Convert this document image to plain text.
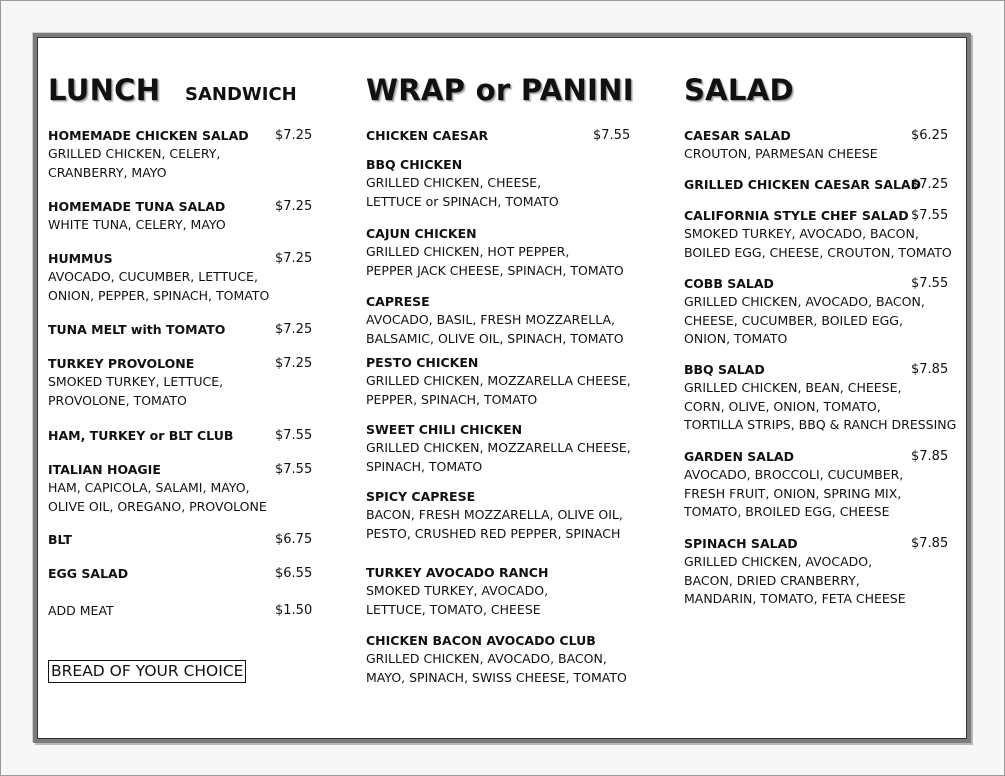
LUNCH SANDWICH
HOMEMADE CHICKEN SALAD	$7.25
GRILLED CHICKEN, CELERY,
CRANBERRY, MAYO
HOMEMADE TUNA SALAD	$7.25
WHITE TUNA, CELERY, MAYO
HUMMUS	$7.25
AVOCADO, CUCUMBER, LETTUCE,
ONION, PEPPER, SPINACH, TOMATO
TUNA MELT with TOMATO	$7.25
TURKEY PROVOLONE	$7.25
SMOKED TURKEY, LETTUCE,
PROVOLONE, TOMATO
HAM, TURKEY or BLT CLUB	$7.55
ITALIAN HOAGIE	$7.55
HAM, CAPICOLA, SALAMI, MAYO,
OLIVE OIL, OREGANO, PROVOLONE
BLT	$6.75
EGG SALAD	$6.55
ADD MEAT	$1.50
BREAD OF YOUR CHOICE
WRAP or PANINI
CHICKEN CAESAR	$7.55
BBQ CHICKEN
GRILLED CHICKEN, CHEESE,
LETTUCE or SPINACH, TOMATO
CAJUN CHICKEN
GRILLED CHICKEN, HOT PEPPER,
PEPPER JACK CHEESE, SPINACH, TOMATO
CAPRESE
AVOCADO, BASIL, FRESH MOZZARELLA,
BALSAMIC, OLIVE OIL, SPINACH, TOMATO
PESTO CHICKEN
GRILLED CHICKEN, MOZZARELLA CHEESE,
PEPPER, SPINACH, TOMATO
SWEET CHILI CHICKEN
GRILLED CHICKEN, MOZZARELLA CHEESE,
SPINACH, TOMATO
SPICY CAPRESE
BACON, FRESH MOZZARELLA, OLIVE OIL,
PESTO, CRUSHED RED PEPPER, SPINACH
TURKEY AVOCADO RANCH
SMOKED TURKEY, AVOCADO,
LETTUCE, TOMATO, CHEESE
CHICKEN BACON AVOCADO CLUB
GRILLED CHICKEN, AVOCADO, BACON,
MAYO, SPINACH, SWISS CHEESE, TOMATO
SALAD
CAESAR SALAD	$6.25
CROUTON, PARMESAN CHEESE
GRILLED CHICKEN CAESAR SALAD
$7.25
CALIFORNIA STYLE CHEF SALAD $7.55
SMOKED TURKEY, AVOCADO, BACON,
BOILED EGG, CHEESE, CROUTON, TOMATO
COBB SALAD	$7.55
GRILLED CHICKEN, AVOCADO, BACON,
CHEESE, CUCUMBER, BOILED EGG,
ONION, TOMATO
BBQ SALAD	$7.85
GRILLED CHICKEN, BEAN, CHEESE,
CORN, OLIVE, ONION, TOMATO,
TORTILLA STRIPS, BBQ & RANCH DRESSING
GARDEN SALAD	$7.85
AVOCADO, BROCCOLI, CUCUMBER,
FRESH FRUIT, ONION, SPRING MIX,
TOMATO, BROILED EGG, CHEESE
SPINACH SALAD	$7.85
GRILLED CHICKEN, AVOCADO,
BACON, DRIED CRANBERRY,
MANDARIN, TOMATO, FETA CHEESE
